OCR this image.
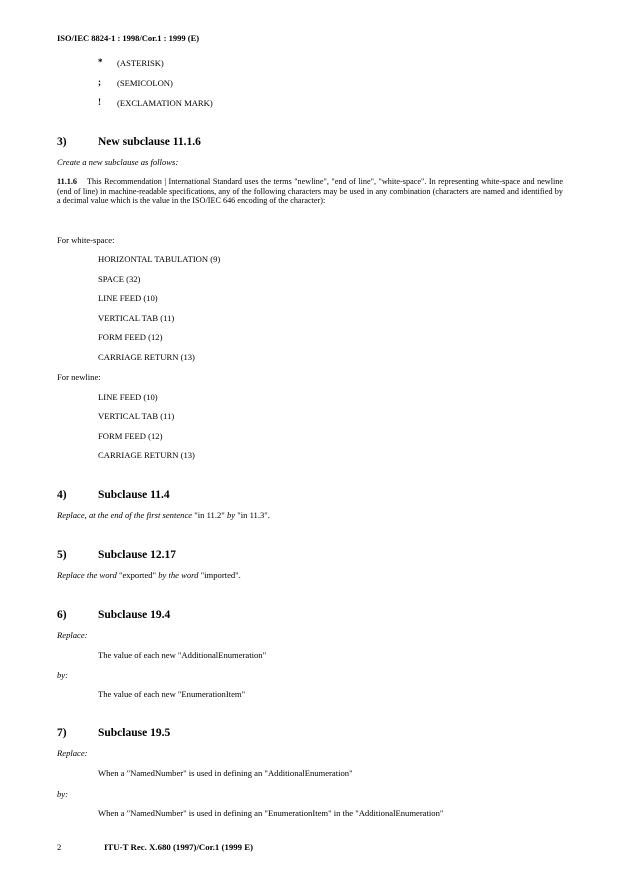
ISO/IEC 8824-1 : 1998/Cor.1 : 1999 (E)
* (ASTERISK)
; (SEMICOLON)
! (EXCLAMATION MARK)
3)	New subclause 11.1.6
Create a new subclause as follows:
11.1.6 This Recommendation | International Standard uses the terms "newline", "end of line", "white-space". In representing white-space and newline (end of line) in machine-readable specifications, any of the following characters may be used in any combination (characters are named and identified by a decimal value which is the value in the ISO/IEC 646 encoding of the character):
For white-space:
HORIZONTAL TABULATION (9)
SPACE (32)
LINE FEED (10)
VERTICAL TAB (11)
FORM FEED (12)
CARRIAGE RETURN (13)
For newline:
LINE FEED (10)
VERTICAL TAB (11)
FORM FEED (12)
CARRIAGE RETURN (13)
4)	Subclause 11.4
Replace, at the end of the first sentence "in 11.2" by "in 11.3".
5)	Subclause 12.17
Replace the word "exported" by the word "imported".
6)	Subclause 19.4
Replace:
The value of each new "AdditionalEnumeration"
by:
The value of each new "EnumerationItem"
7)	Subclause 19.5
Replace:
When a "NamedNumber" is used in defining an "AdditionalEnumeration"
by:
When a "NamedNumber" is used in defining an "EnumerationItem" in the "AdditionalEnumeration"
2	ITU-T Rec. X.680 (1997)/Cor.1 (1999 E)
